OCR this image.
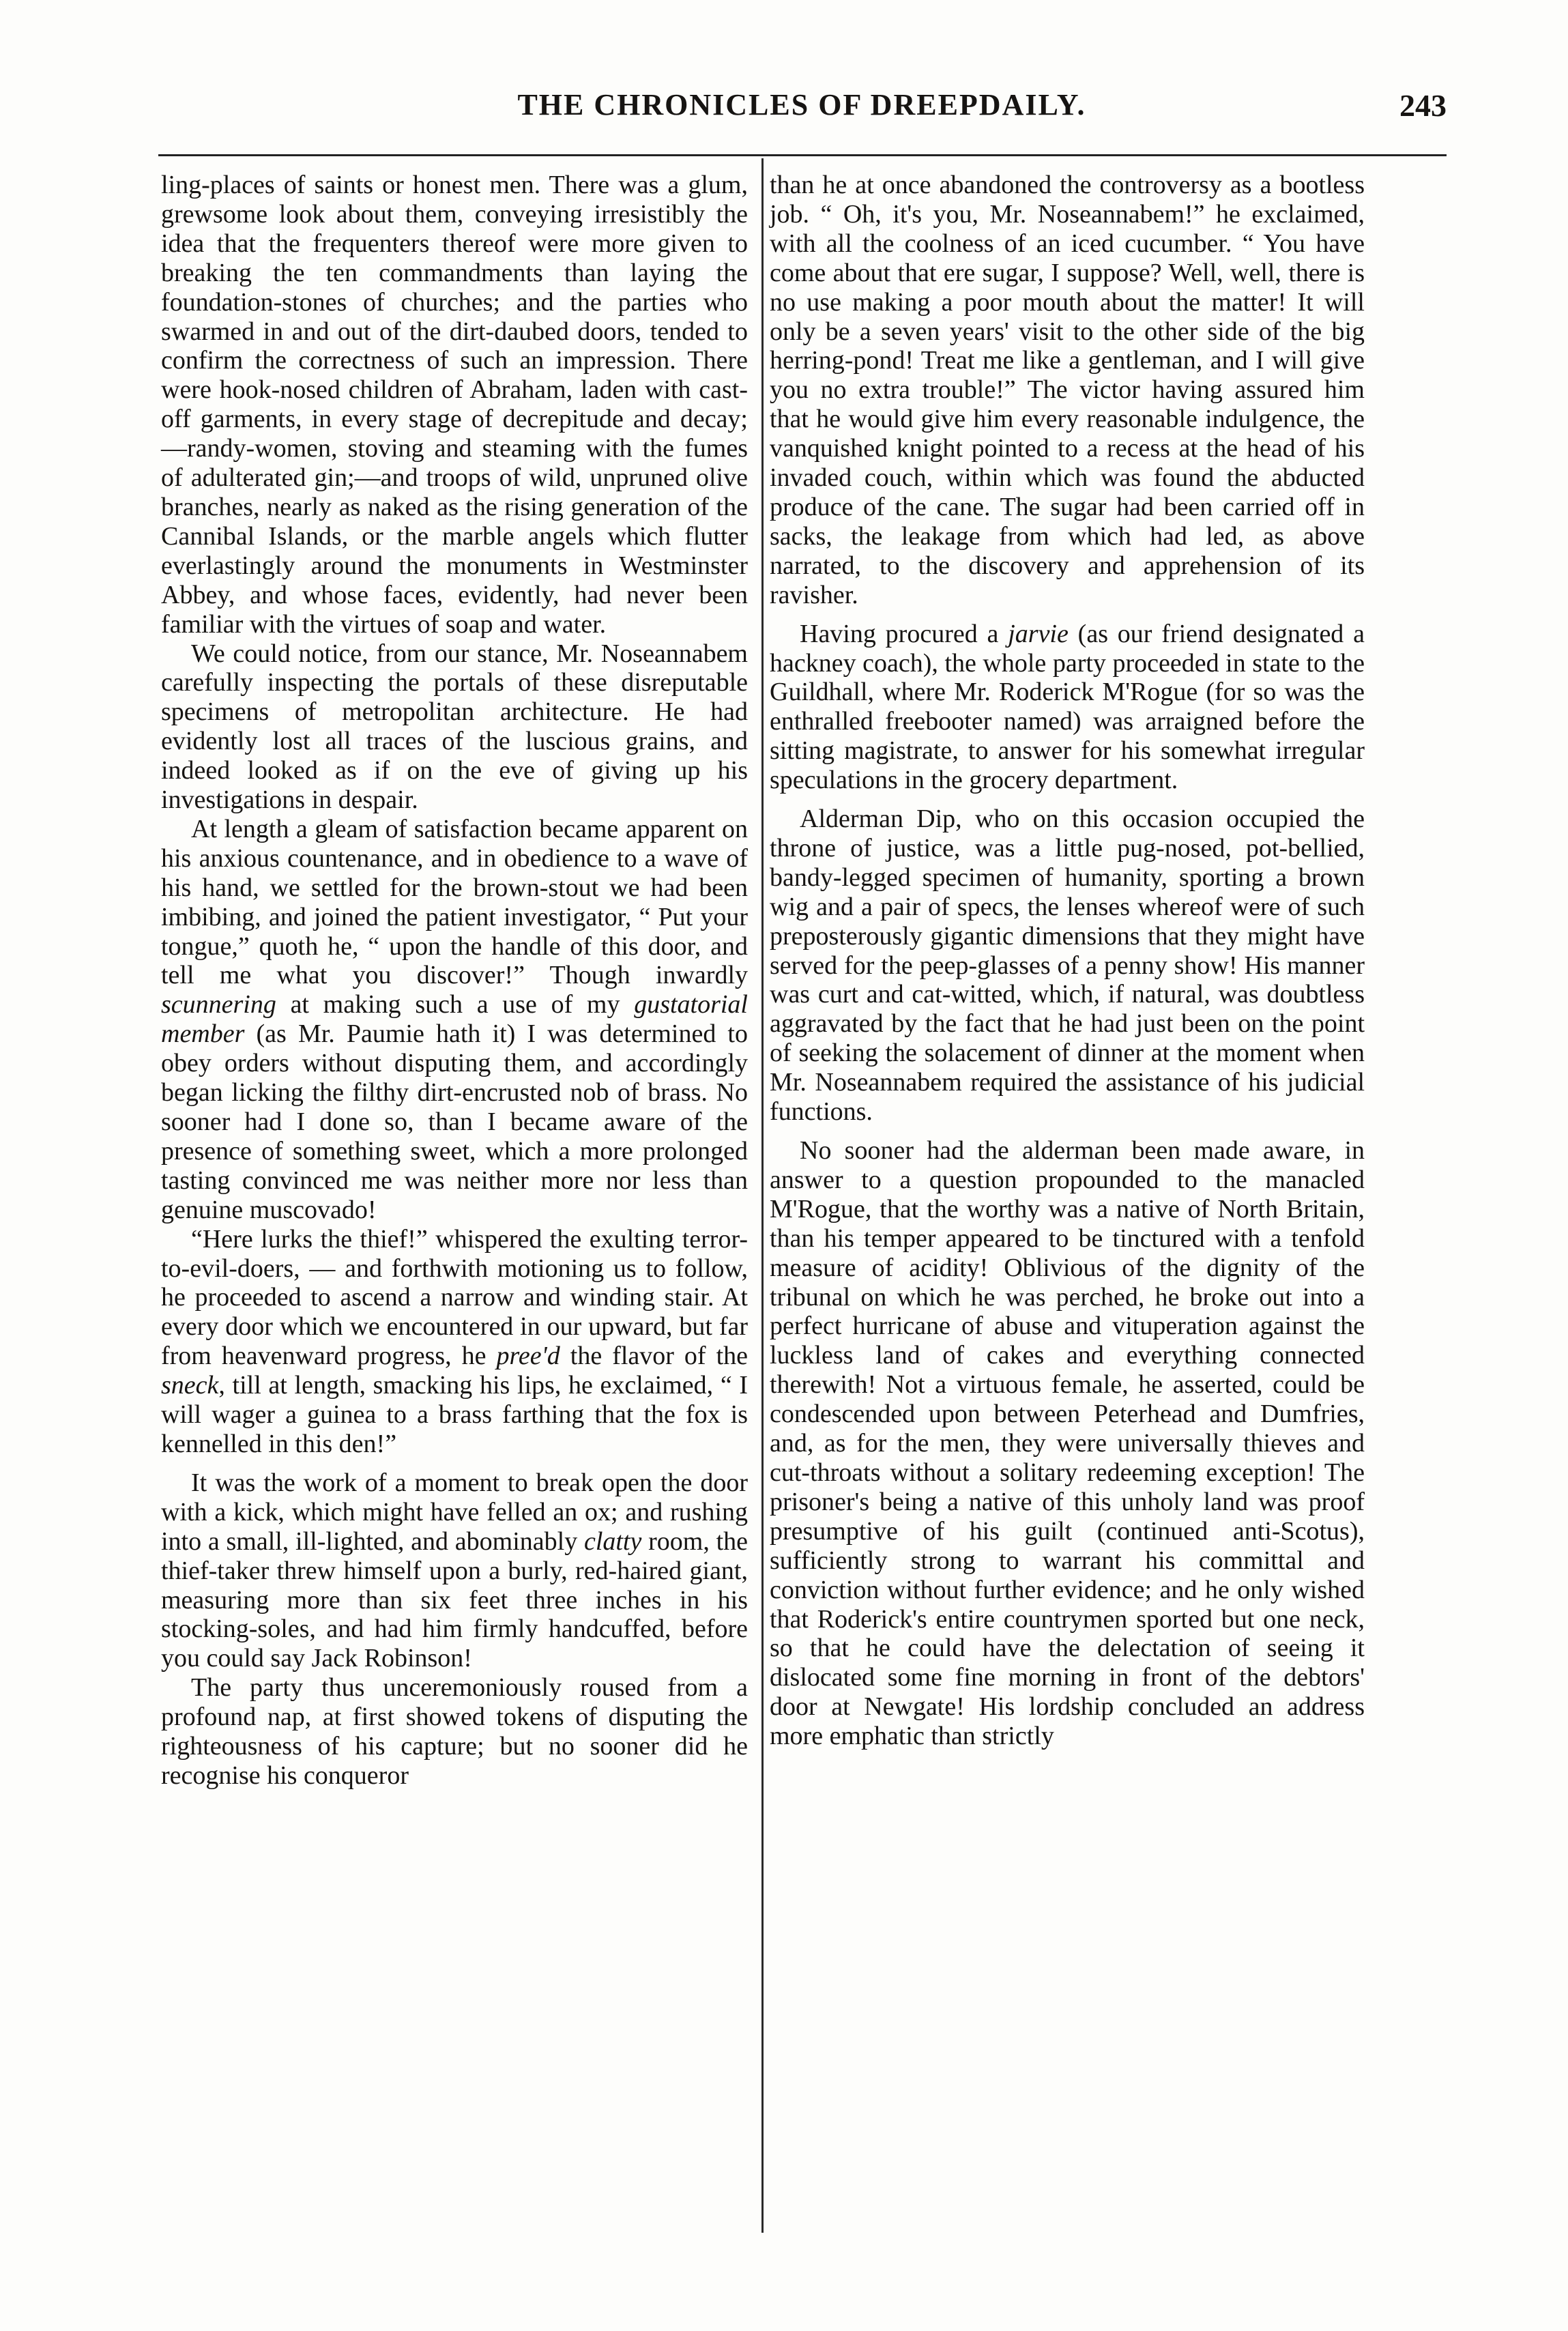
THE CHRONICLES OF DREEPDAILY.	243

ling-places of saints or honest men. There was a glum, grewsome look about them, conveying irresistibly the idea that the frequenters thereof were more given to breaking the ten commandments than laying the foundation-stones of churches; and the parties who swarmed in and out of the dirt-daubed doors, tended to confirm the correctness of such an impression. There were hook-nosed children of Abraham, laden with cast-off garments, in every stage of decrepitude and decay;—randy-women, stoving and steaming with the fumes of adulterated gin;—and troops of wild, unpruned olive branches, nearly as naked as the rising generation of the Cannibal Islands, or the marble angels which flutter everlastingly around the monuments in Westminster Abbey, and whose faces, evidently, had never been familiar with the virtues of soap and water.

We could notice, from our stance, Mr. Noseannabem carefully inspecting the portals of these disreputable specimens of metropolitan architecture. He had evidently lost all traces of the luscious grains, and indeed looked as if on the eve of giving up his investigations in despair.

At length a gleam of satisfaction became apparent on his anxious countenance, and in obedience to a wave of his hand, we settled for the brown-stout we had been imbibing, and joined the patient investigator, “ Put your tongue,” quoth he, “ upon the handle of this door, and tell me what you discover!” Though inwardly scunnering at making such a use of my gustatorial member (as Mr. Paumie hath it) I was determined to obey orders without disputing them, and accordingly began licking the filthy dirt-encrusted nob of brass. No sooner had I done so, than I became aware of the presence of something sweet, which a more prolonged tasting convinced me was neither more nor less than genuine muscovado!

“Here lurks the thief!” whispered the exulting terror-to-evil-doers, — and forthwith motioning us to follow, he proceeded to ascend a narrow and winding stair. At every door which we encountered in our upward, but far from heavenward progress, he pree'd the flavor of the sneck, till at length, smacking his lips, he exclaimed, “ I will wager a guinea to a brass farthing that the fox is kennelled in this den!”

It was the work of a moment to break open the door with a kick, which might have felled an ox; and rushing into a small, ill-lighted, and abominably clatty room, the thief-taker threw himself upon a burly, red-haired giant, measuring more than six feet three inches in his stocking-soles, and had him firmly handcuffed, before you could say Jack Robinson!

The party thus unceremoniously roused from a profound nap, at first showed tokens of disputing the righteousness of his capture; but no sooner did he recognise his conqueror

than he at once abandoned the controversy as a bootless job. “ Oh, it's you, Mr. Noseannabem!” he exclaimed, with all the coolness of an iced cucumber. “ You have come about that ere sugar, I suppose? Well, well, there is no use making a poor mouth about the matter! It will only be a seven years' visit to the other side of the big herring-pond! Treat me like a gentleman, and I will give you no extra trouble!” The victor having assured him that he would give him every reasonable indulgence, the vanquished knight pointed to a recess at the head of his invaded couch, within which was found the abducted produce of the cane. The sugar had been carried off in sacks, the leakage from which had led, as above narrated, to the discovery and apprehension of its ravisher.

Having procured a jarvie (as our friend designated a hackney coach), the whole party proceeded in state to the Guildhall, where Mr. Roderick M'Rogue (for so was the enthralled freebooter named) was arraigned before the sitting magistrate, to answer for his somewhat irregular speculations in the grocery department.

Alderman Dip, who on this occasion occupied the throne of justice, was a little pug-nosed, pot-bellied, bandy-legged specimen of humanity, sporting a brown wig and a pair of specs, the lenses whereof were of such preposterously gigantic dimensions that they might have served for the peep-glasses of a penny show! His manner was curt and cat-witted, which, if natural, was doubtless aggravated by the fact that he had just been on the point of seeking the solacement of dinner at the moment when Mr. Noseannabem required the assistance of his judicial functions.

No sooner had the alderman been made aware, in answer to a question propounded to the manacled M'Rogue, that the worthy was a native of North Britain, than his temper appeared to be tinctured with a tenfold measure of acidity! Oblivious of the dignity of the tribunal on which he was perched, he broke out into a perfect hurricane of abuse and vituperation against the luckless land of cakes and everything connected therewith! Not a virtuous female, he asserted, could be condescended upon between Peterhead and Dumfries, and, as for the men, they were universally thieves and cut-throats without a solitary redeeming exception! The prisoner's being a native of this unholy land was proof presumptive of his guilt (continued anti-Scotus), sufficiently strong to warrant his committal and conviction without further evidence; and he only wished that Roderick's entire countrymen sported but one neck, so that he could have the delectation of seeing it dislocated some fine morning in front of the debtors' door at Newgate! His lordship concluded an address more emphatic than strictly
